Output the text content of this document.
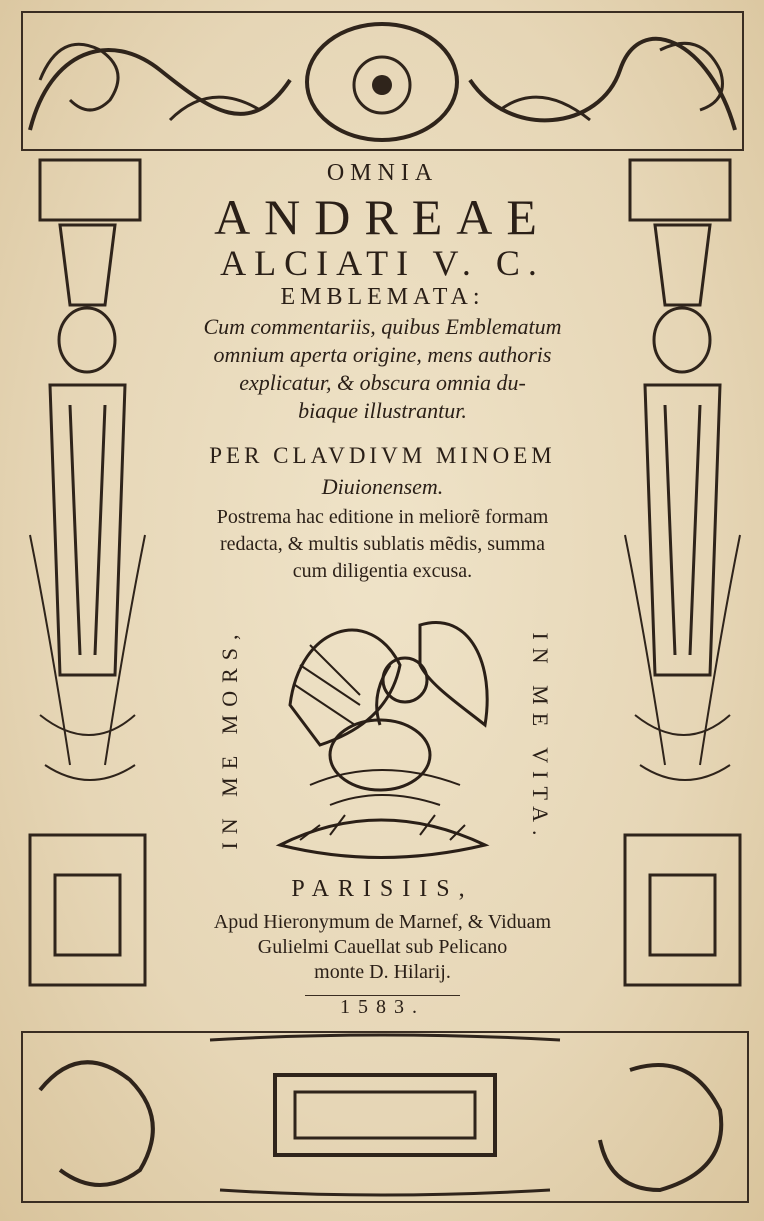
OMNIA
ANDREAE
ALCIATI V. C.
EMBLEMATA:
Cum commentariis, quibus Emblematum
omnium aperta origine, mens authoris
explicatur, & obscura omnia du-
biaque illustrantur.
PER CLAVDIVM MINOEM
Diuionensem.
Postrema hac editione in meliorẽ formam
redacta, & multis sublatis mẽdis, summa
cum diligentia excusa.
IN ME MORS,	IN ME VITA.
PARISIIS,
Apud Hieronymum de Marnef, & Viduam
Gulielmi Cauellat sub Pelicano
monte D. Hilarij.
1583.
